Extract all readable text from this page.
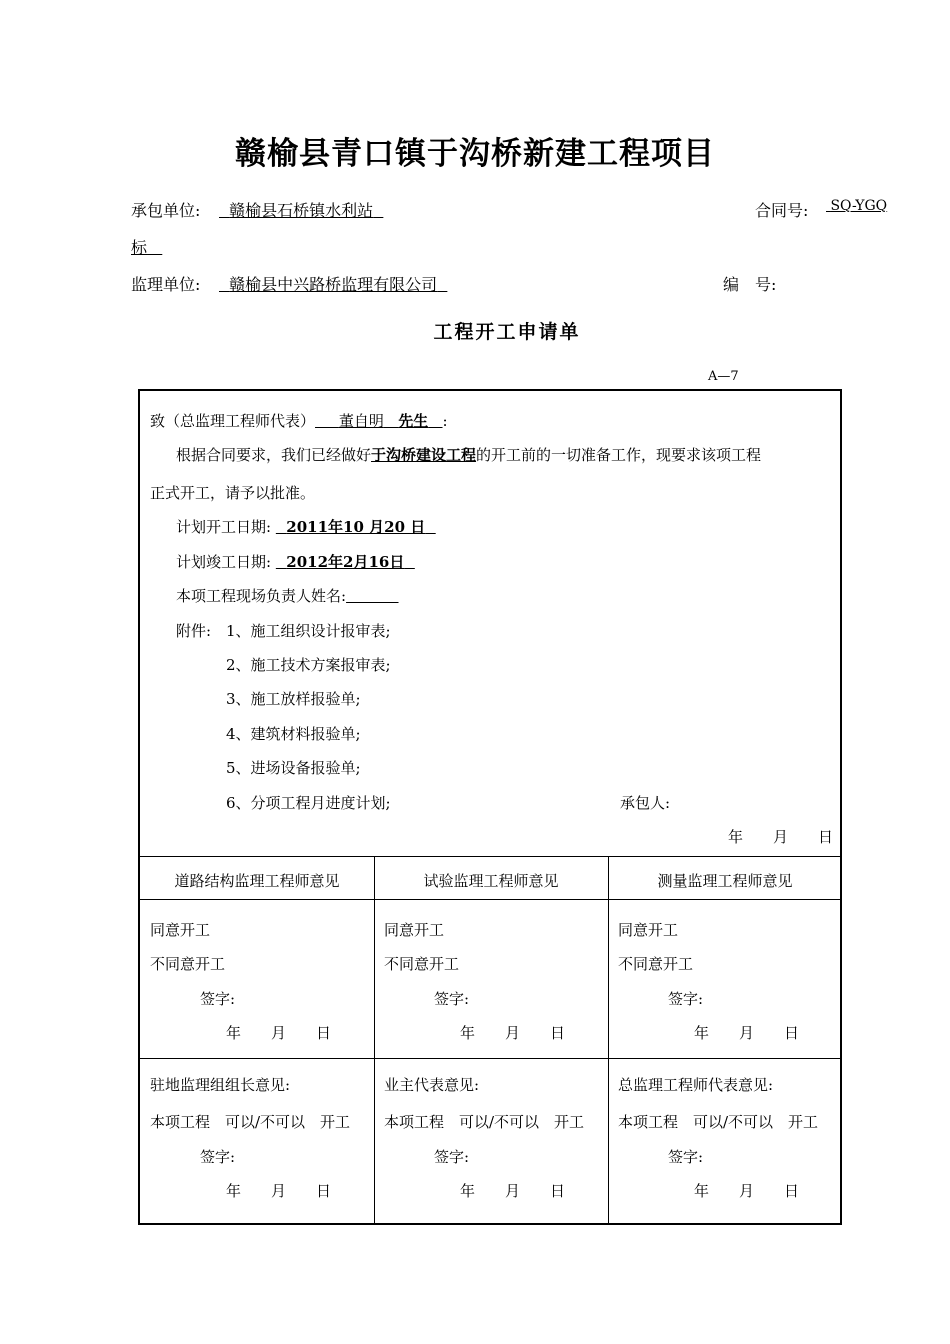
赣榆县青口镇于沟桥新建工程项目
承包单位:	赣榆县石桥镇水利站	合同号:	SQ-YGQ
标
监理单位:	赣榆县中兴路桥监理有限公司	编　号:
工程开工申请单
A—7
致（总监理工程师代表） 董自明 先生 :
根据合同要求，我们已经做好于沟桥建设工程的开工前的一切准备工作，现要求该项工程
正式开工，请予以批准。
计划开工日期: 2011年10 月20 日
计划竣工日期: 2012年2月16日
本项工程现场负责人姓名:
附件: 1、施工组织设计报审表;
2、施工技术方案报审表;
3、施工放样报验单;
4、建筑材料报验单;
5、进场设备报验单;
6、分项工程月进度计划;	承包人:
年　　月　　日
道路结构监理工程师意见	试验监理工程师意见	测量监理工程师意见
同意开工
不同意开工
签字:
年　　月　　日
同意开工
不同意开工
签字:
年　　月　　日
同意开工
不同意开工
签字:
年　　月　　日
驻地监理组组长意见:
本项工程　可以/不可以　开工
签字:
年　　月　　日
业主代表意见:
本项工程　可以/不可以　开工
签字:
年　　月　　日
总监理工程师代表意见:
本项工程　可以/不可以　开工
签字:
年　　月　　日
